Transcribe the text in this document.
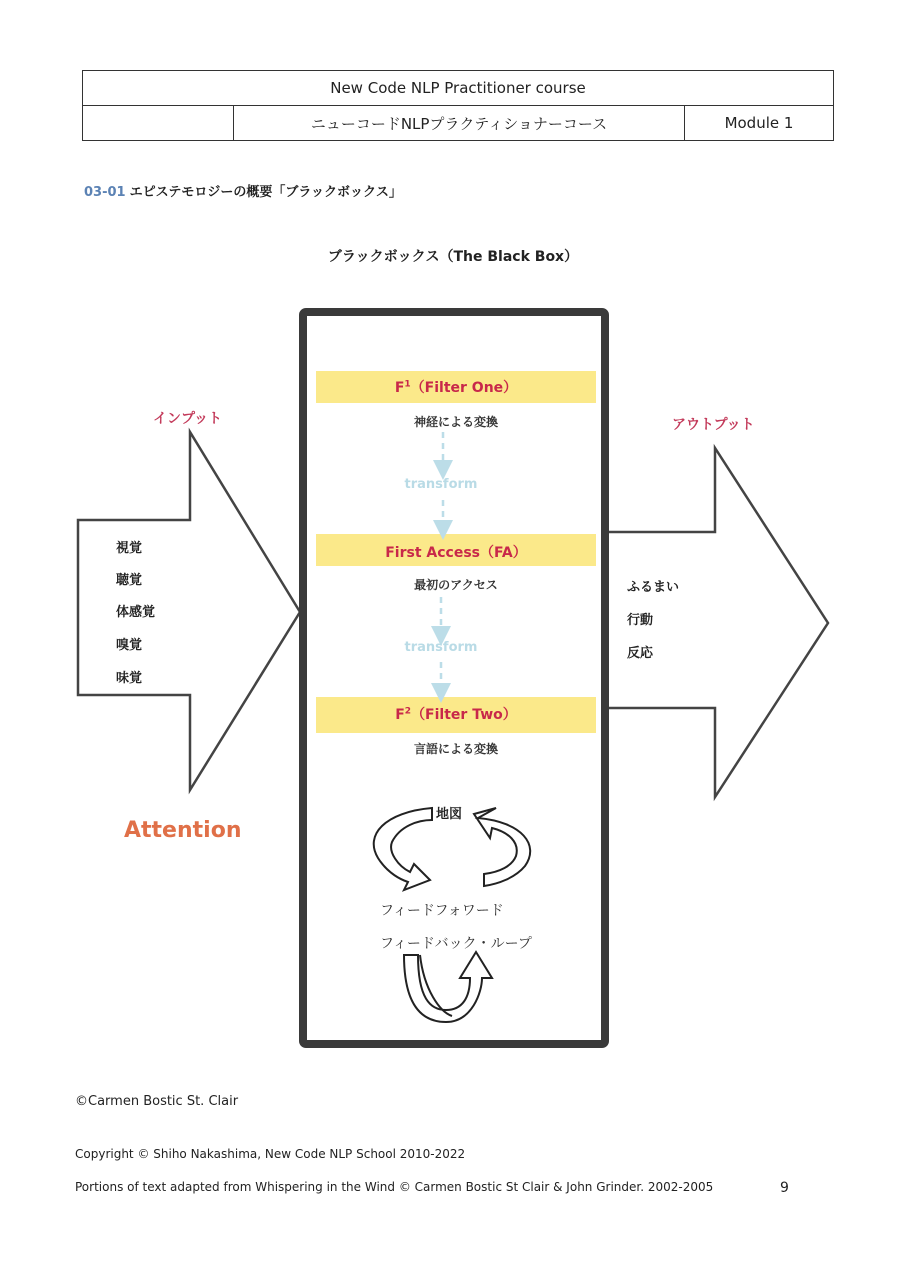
New Code NLP Practitioner course
	ニューコードNLPプラクティショナーコース	Module 1
03-01 エピステモロジーの概要「ブラックボックス」
ブラックボックス（The Black Box）
インプット	アウトプット
視覚
聴覚
体感覚
嗅覚
味覚
ふるまい
行動
反応
$F^1(Filter$ One）
神経による変換
transform
First Access（FA）
最初のアクセス
transform
$F^2(Filter$ Two）
言語による変換
地図
Attention
フィードフォワード
フィードバック・ループ
©Carmen Bostic St. Clair
Copyright © Shiho Nakashima, New Code NLP School 2010-2022
Portions of text adapted from Whispering in the Wind © Carmen Bostic St Clair & John Grinder. 2002-2005	9
